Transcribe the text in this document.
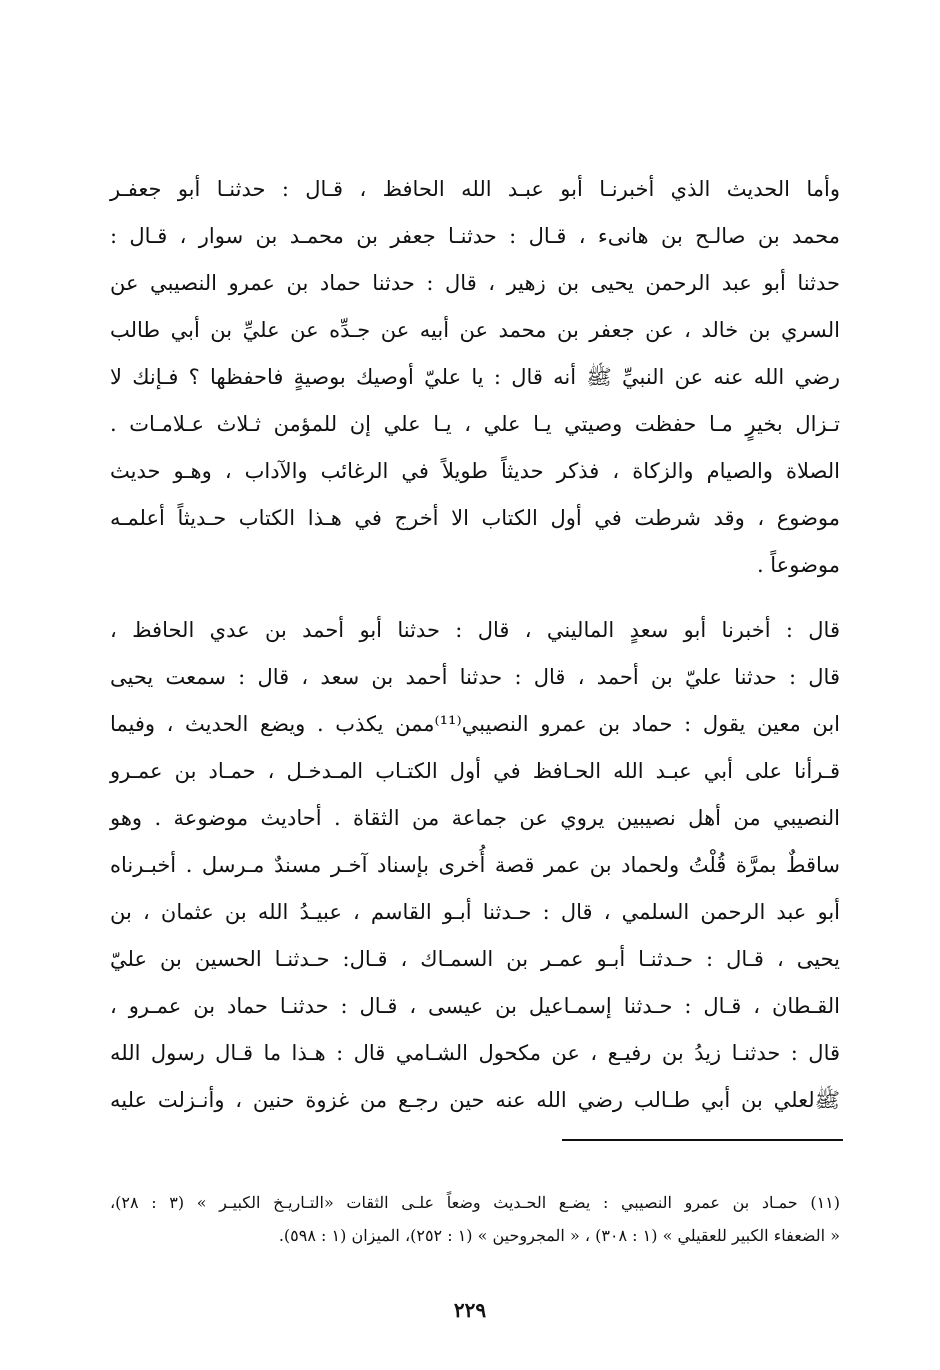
وأما الحديث الذي أخبرنـا أبو عبـد الله الحافظ ، قـال : حدثنـا أبو جعفـر
محمد بن صالـح بن هانىء ، قـال : حدثنـا جعفر بن محمـد بن سوار ، قـال :
حدثنا أبو عبد الرحمن يحيى بن زهير ، قال : حدثنا حماد بن عمرو النصيبي عن
السري بن خالد ، عن جعفر بن محمد عن أبيه عن جـدِّه عن عليِّ بن أبي طالب
رضي الله عنه عن النبيِّ ﷺ أنه قال : يا عليّ أوصيك بوصيةٍ فاحفظها ؟ فـإنك لا
تـزال بخيرٍ مـا حفظت وصيتي يـا علي ، يـا علي إن للمؤمن ثـلاث عـلامـات .
الصلاة والصيام والزكاة ، فذكر حديثاً طويلاً في الرغائب والآداب ، وهـو حديث
موضوع ، وقد شرطت في أول الكتاب الا أخرج في هـذا الكتاب حـديثاً أعلمـه
موضوعاً .
قال : أخبرنا أبو سعدٍ الماليني ، قال : حدثنا أبو أحمد بن عدي الحافظ ،
قال : حدثنا عليّ بن أحمد ، قال : حدثنا أحمد بن سعد ، قال : سمعت يحيى
ابن معين يقول : حماد بن عمرو النصيبي⁽¹¹⁾ممن يكذب . ويضع الحديث ، وفيما
قـرأنا على أبي عبـد الله الحـافظ في أول الكتـاب المـدخـل ، حمـاد بن عمـرو
النصيبي من أهل نصيبين يروي عن جماعة من الثقاة . أحاديث موضوعة . وهو
ساقطٌ بمرَّة قُلْتُ ولحماد بن عمر قصة أُخرى بإسناد آخـر مسندٌ مـرسل . أخبـرناه
أبو عبد الرحمن السلمي ، قال : حـدثنا أبـو القاسم ، عبيـدُ الله بن عثمان ، بن
يحيى ، قـال : حـدثنـا أبـو عمـر بن السمـاك ، قـال: حـدثنـا الحسين بن عليّ
القـطان ، قـال : حـدثنا إسمـاعيل بن عيسى ، قـال : حدثنـا حماد بن عمـرو ،
قال : حدثنـا زيدُ بن رفيـع ، عن مكحول الشـامي قال : هـذا ما قـال رسول الله
ﷺلعلي بن أبي طـالب رضي الله عنه حين رجـع من غزوة حنين ، وأنـزلت عليه
(١١) حمـاد بن عمرو النصيبي : يضـع الحـديث وضعاً علـى الثقات «التـاريـخ الكبيـر » (٣ : ٢٨)،
« الضعفاء الكبير للعقيلي » (١ : ٣٠٨) ، « المجروحين » (١ : ٢٥٢)، الميزان (١ : ٥٩٨).
٢٢٩
